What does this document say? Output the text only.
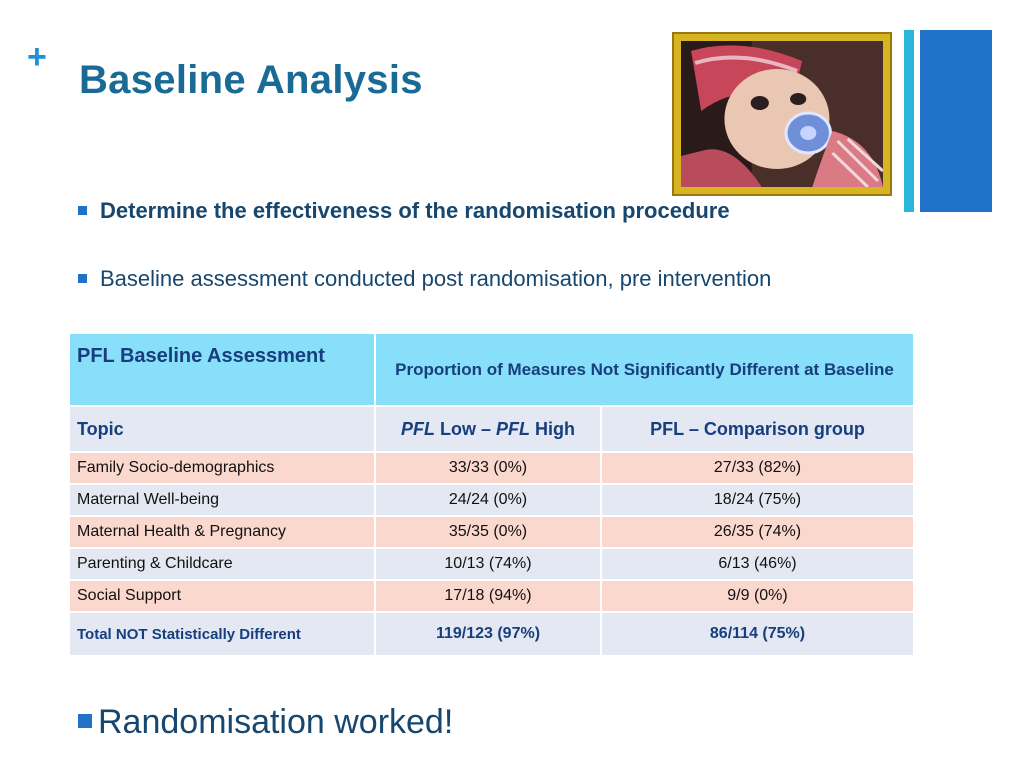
+
Baseline Analysis
Determine the effectiveness of the randomisation procedure
Baseline assessment conducted post randomisation, pre intervention
PFL Baseline Assessment	Proportion of Measures Not Significantly Different at Baseline	
Topic	PFL Low – PFL High	PFL – Comparison group
Family Socio-demographics	33/33 (0%)	27/33 (82%)
Maternal Well-being	24/24 (0%)	18/24 (75%)
Maternal Health & Pregnancy	35/35 (0%)	26/35 (74%)
Parenting & Childcare	10/13 (74%)	6/13 (46%)
Social Support	17/18 (94%)	9/9 (0%)
Total NOT Statistically Different	119/123 (97%)	86/114 (75%)
Randomisation worked!
